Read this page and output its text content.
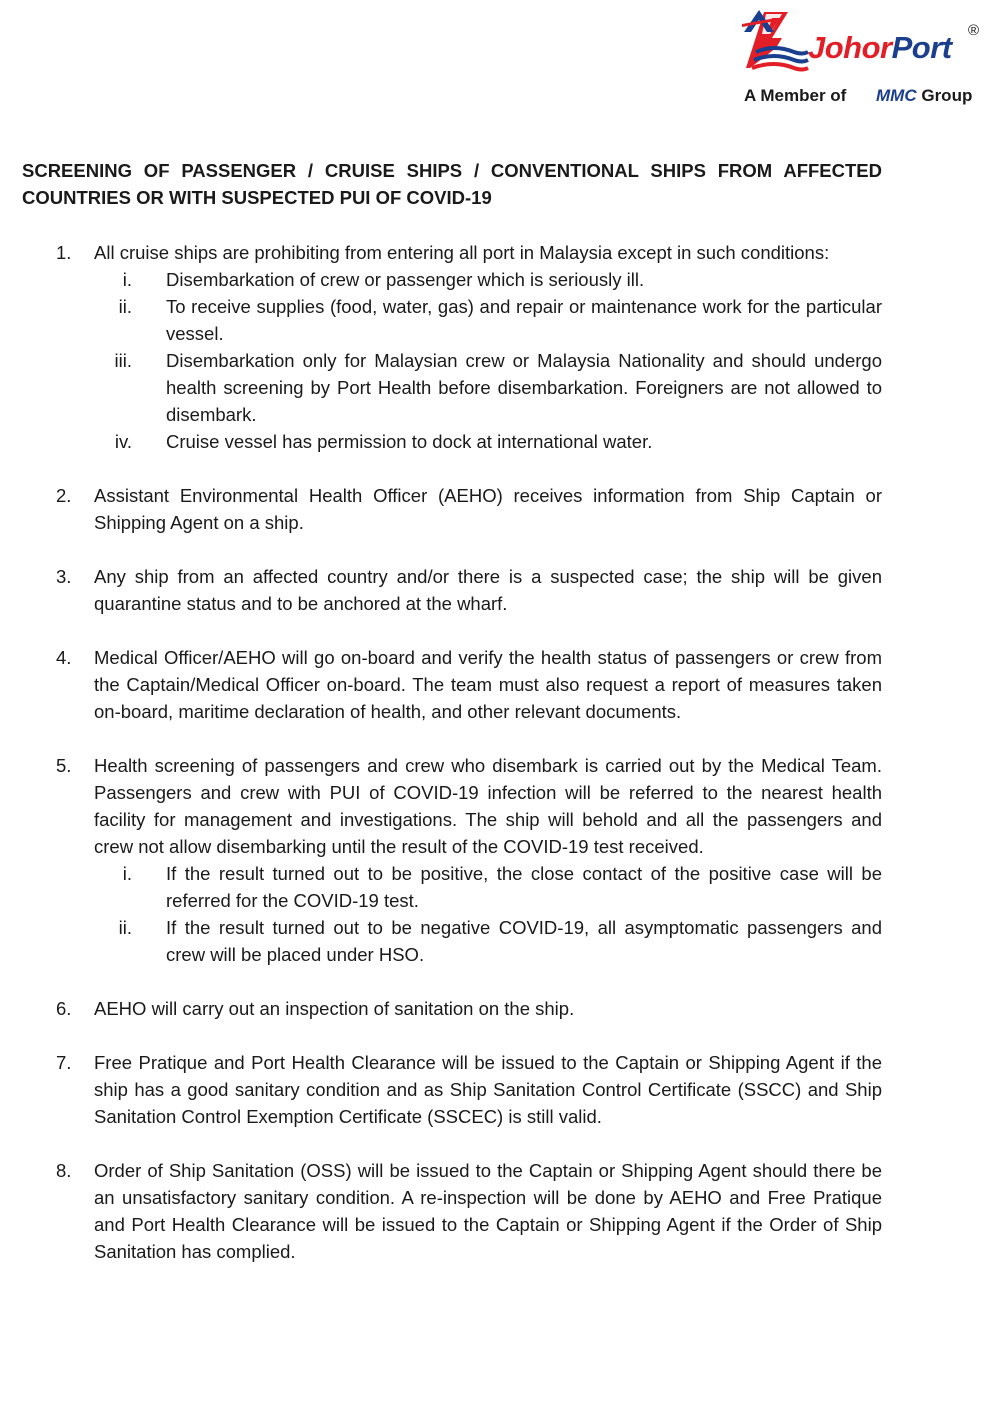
JohorPort ®
A Member of MMC Group
SCREENING OF PASSENGER / CRUISE SHIPS / CONVENTIONAL SHIPS FROM AFFECTED COUNTRIES OR WITH SUSPECTED PUI OF COVID-19
1.	All cruise ships are prohibiting from entering all port in Malaysia except in such conditions:
i. Disembarkation of crew or passenger which is seriously ill.
ii. To receive supplies (food, water, gas) and repair or maintenance work for the particular vessel.
iii. Disembarkation only for Malaysian crew or Malaysia Nationality and should undergo health screening by Port Health before disembarkation. Foreigners are not allowed to disembark.
iv. Cruise vessel has permission to dock at international water.
2.	Assistant Environmental Health Officer (AEHO) receives information from Ship Captain or Shipping Agent on a ship.
3.	Any ship from an affected country and/or there is a suspected case; the ship will be given quarantine status and to be anchored at the wharf.
4.	Medical Officer/AEHO will go on-board and verify the health status of passengers or crew from the Captain/Medical Officer on-board. The team must also request a report of measures taken on-board, maritime declaration of health, and other relevant documents.
5.	Health screening of passengers and crew who disembark is carried out by the Medical Team. Passengers and crew with PUI of COVID-19 infection will be referred to the nearest health facility for management and investigations. The ship will behold and all the passengers and crew not allow disembarking until the result of the COVID-19 test received.
i. If the result turned out to be positive, the close contact of the positive case will be referred for the COVID-19 test.
ii. If the result turned out to be negative COVID-19, all asymptomatic passengers and crew will be placed under HSO.
6.	AEHO will carry out an inspection of sanitation on the ship.
7.	Free Pratique and Port Health Clearance will be issued to the Captain or Shipping Agent if the ship has a good sanitary condition and as Ship Sanitation Control Certificate (SSCC) and Ship Sanitation Control Exemption Certificate (SSCEC) is still valid.
8.	Order of Ship Sanitation (OSS) will be issued to the Captain or Shipping Agent should there be an unsatisfactory sanitary condition. A re-inspection will be done by AEHO and Free Pratique and Port Health Clearance will be issued to the Captain or Shipping Agent if the Order of Ship Sanitation has complied.
